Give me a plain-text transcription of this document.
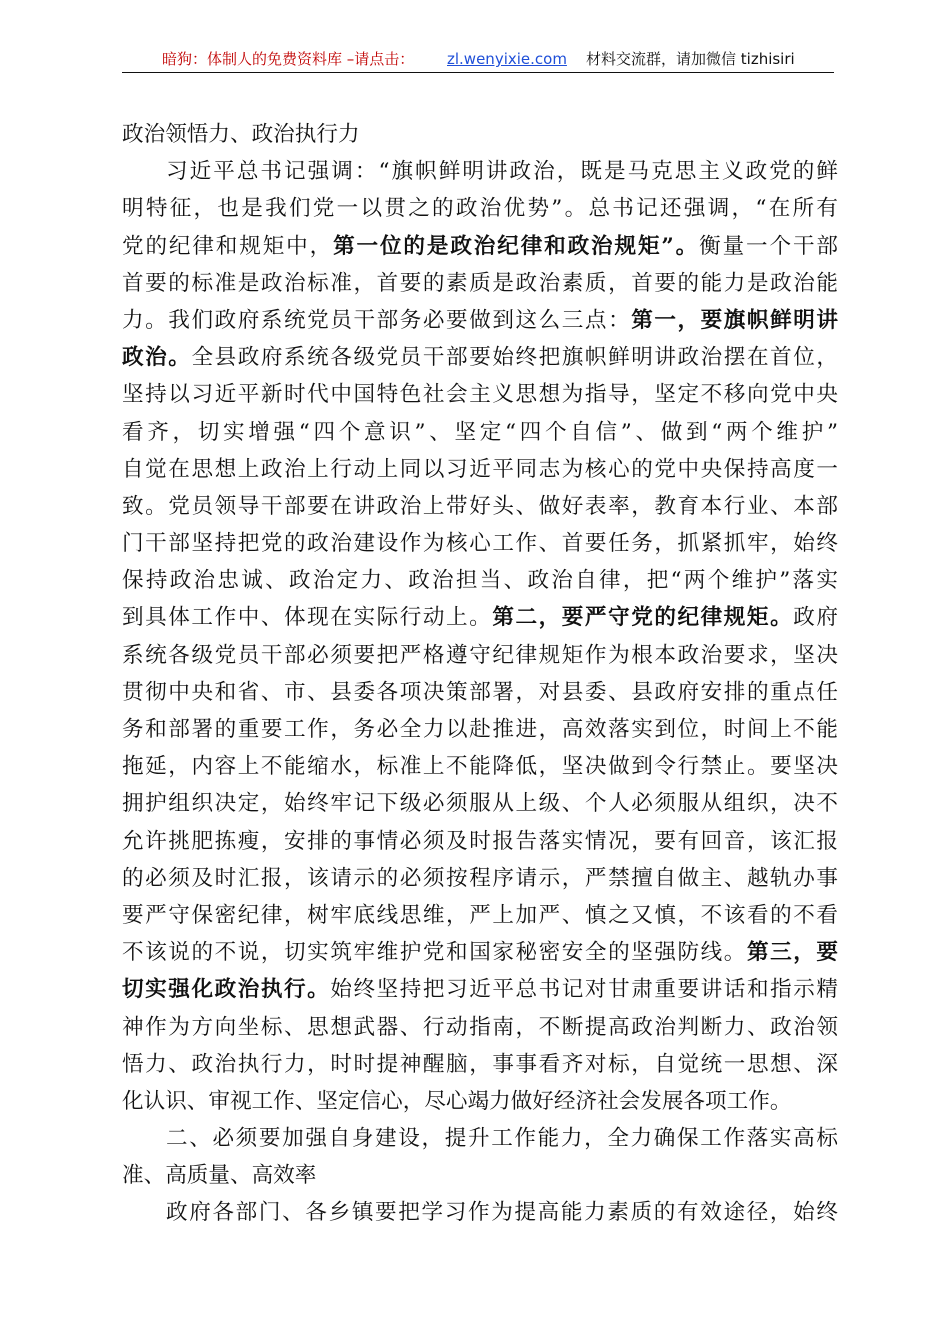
暗狗：体制人的免费资料库 –请点击： zl.wenyixie.com 材料交流群，请加微信 tizhisiri
政治领悟力、政治执行力
习近平总书记强调：“旗帜鲜明讲政治，既是马克思主义政党的鲜
明特征，也是我们党一以贯之的政治优势”。总书记还强调，“在所有
党的纪律和规矩中，第一位的是政治纪律和政治规矩”。衡量一个干部
首要的标准是政治标准，首要的素质是政治素质，首要的能力是政治能
力。我们政府系统党员干部务必要做到这么三点：第一，要旗帜鲜明讲
政治。全县政府系统各级党员干部要始终把旗帜鲜明讲政治摆在首位，
坚持以习近平新时代中国特色社会主义思想为指导，坚定不移向党中央
看齐，切实增强“四个意识”、坚定“四个自信”、做到“两个维护”
自觉在思想上政治上行动上同以习近平同志为核心的党中央保持高度一
致。党员领导干部要在讲政治上带好头、做好表率，教育本行业、本部
门干部坚持把党的政治建设作为核心工作、首要任务，抓紧抓牢，始终
保持政治忠诚、政治定力、政治担当、政治自律，把“两个维护”落实
到具体工作中、体现在实际行动上。第二，要严守党的纪律规矩。政府
系统各级党员干部必须要把严格遵守纪律规矩作为根本政治要求，坚决
贯彻中央和省、市、县委各项决策部署，对县委、县政府安排的重点任
务和部署的重要工作，务必全力以赴推进，高效落实到位，时间上不能
拖延，内容上不能缩水，标准上不能降低，坚决做到令行禁止。要坚决
拥护组织决定，始终牢记下级必须服从上级、个人必须服从组织，决不
允许挑肥拣瘦，安排的事情必须及时报告落实情况，要有回音，该汇报
的必须及时汇报，该请示的必须按程序请示，严禁擅自做主、越轨办事
要严守保密纪律，树牢底线思维，严上加严、慎之又慎，不该看的不看
不该说的不说，切实筑牢维护党和国家秘密安全的坚强防线。第三，要
切实强化政治执行。始终坚持把习近平总书记对甘肃重要讲话和指示精
神作为方向坐标、思想武器、行动指南，不断提高政治判断力、政治领
悟力、政治执行力，时时提神醒脑，事事看齐对标，自觉统一思想、深
化认识、审视工作、坚定信心，尽心竭力做好经济社会发展各项工作。
二、必须要加强自身建设，提升工作能力，全力确保工作落实高标
准、高质量、高效率
政府各部门、各乡镇要把学习作为提高能力素质的有效途径，始终
